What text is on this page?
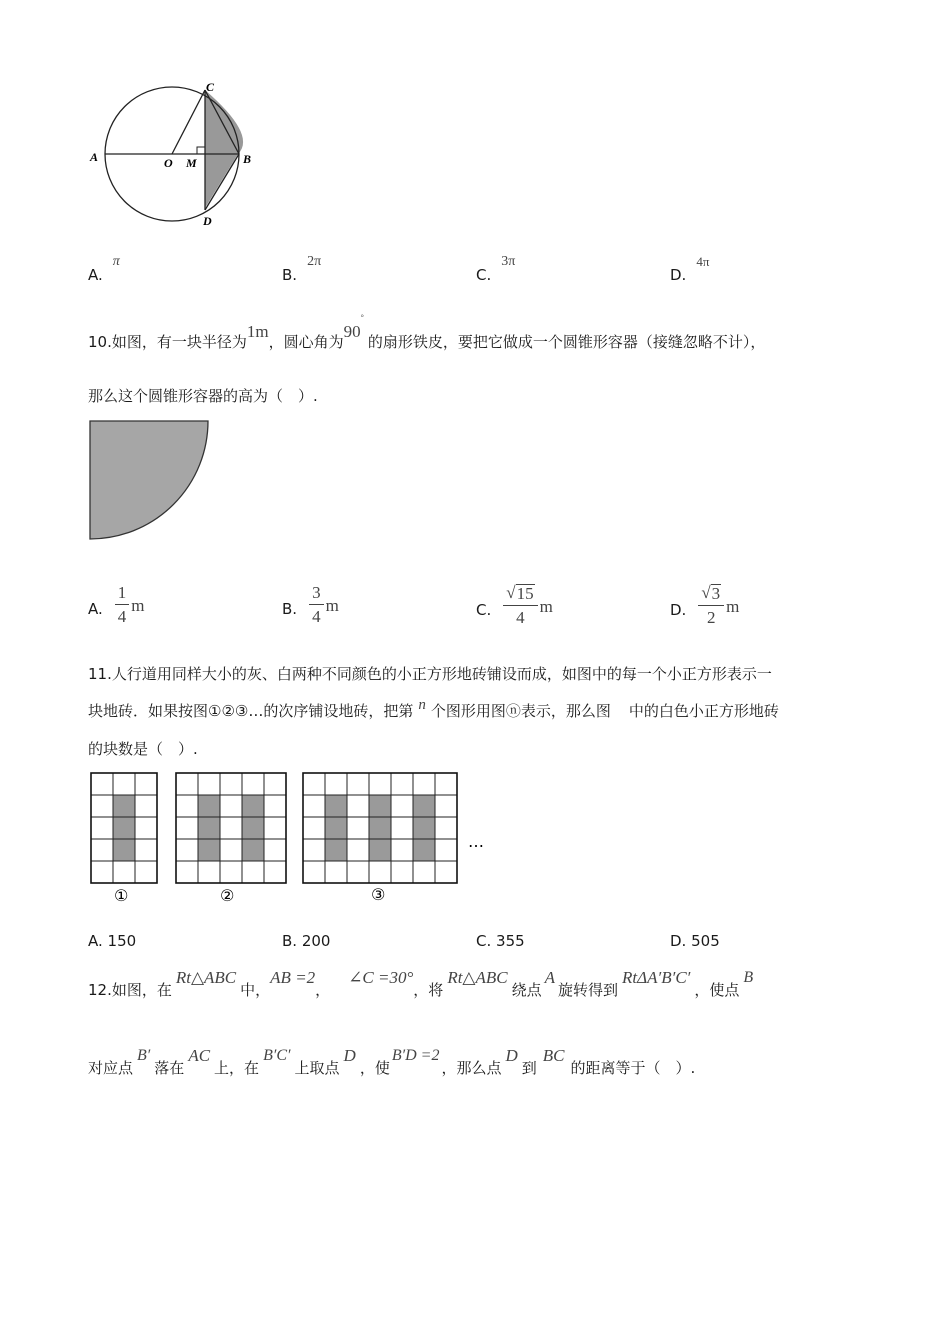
A	O M	B
C
D
A.
π
B.
2π
C.
3π
D.
4π
10.如图，有一块半径为
1m
，圆心角为
90
°
的扇形铁皮，要把它做成一个圆锥形容器（接缝忽略不计），
那么这个圆锥形容器的高为（　）.
A. $\frac{1}{4}$ m	B. $\frac{3}{4}$ m	C. $\frac{√ 15}{4}$ m	D. $\frac{√ 3}{2}$ m
11.人行道用同样大小的灰、白两种不同颜色的小正方形地砖铺设而成，如图中的每一个小正方形表示一
块地砖．如果按图①②③…的次序铺设地砖，把第 n 个图形用图ⓝ表示，那么图 中的白色小正方形地砖
的块数是（　）.
①	②	③
…
A. 150	B. 200	C. 355	D. 505
12.如图，在
Rt△ABC
中，
AB =2
，
∠C =30°
，将
Rt△ABC
绕点
A
旋转得到
RtΔA′B′C′
，使点
B
对应点
B′
落在
AC
上，在
B′C′
上取点
D
，使
B′D =2
，那么点
D
到
BC
的距离等于（　）.
